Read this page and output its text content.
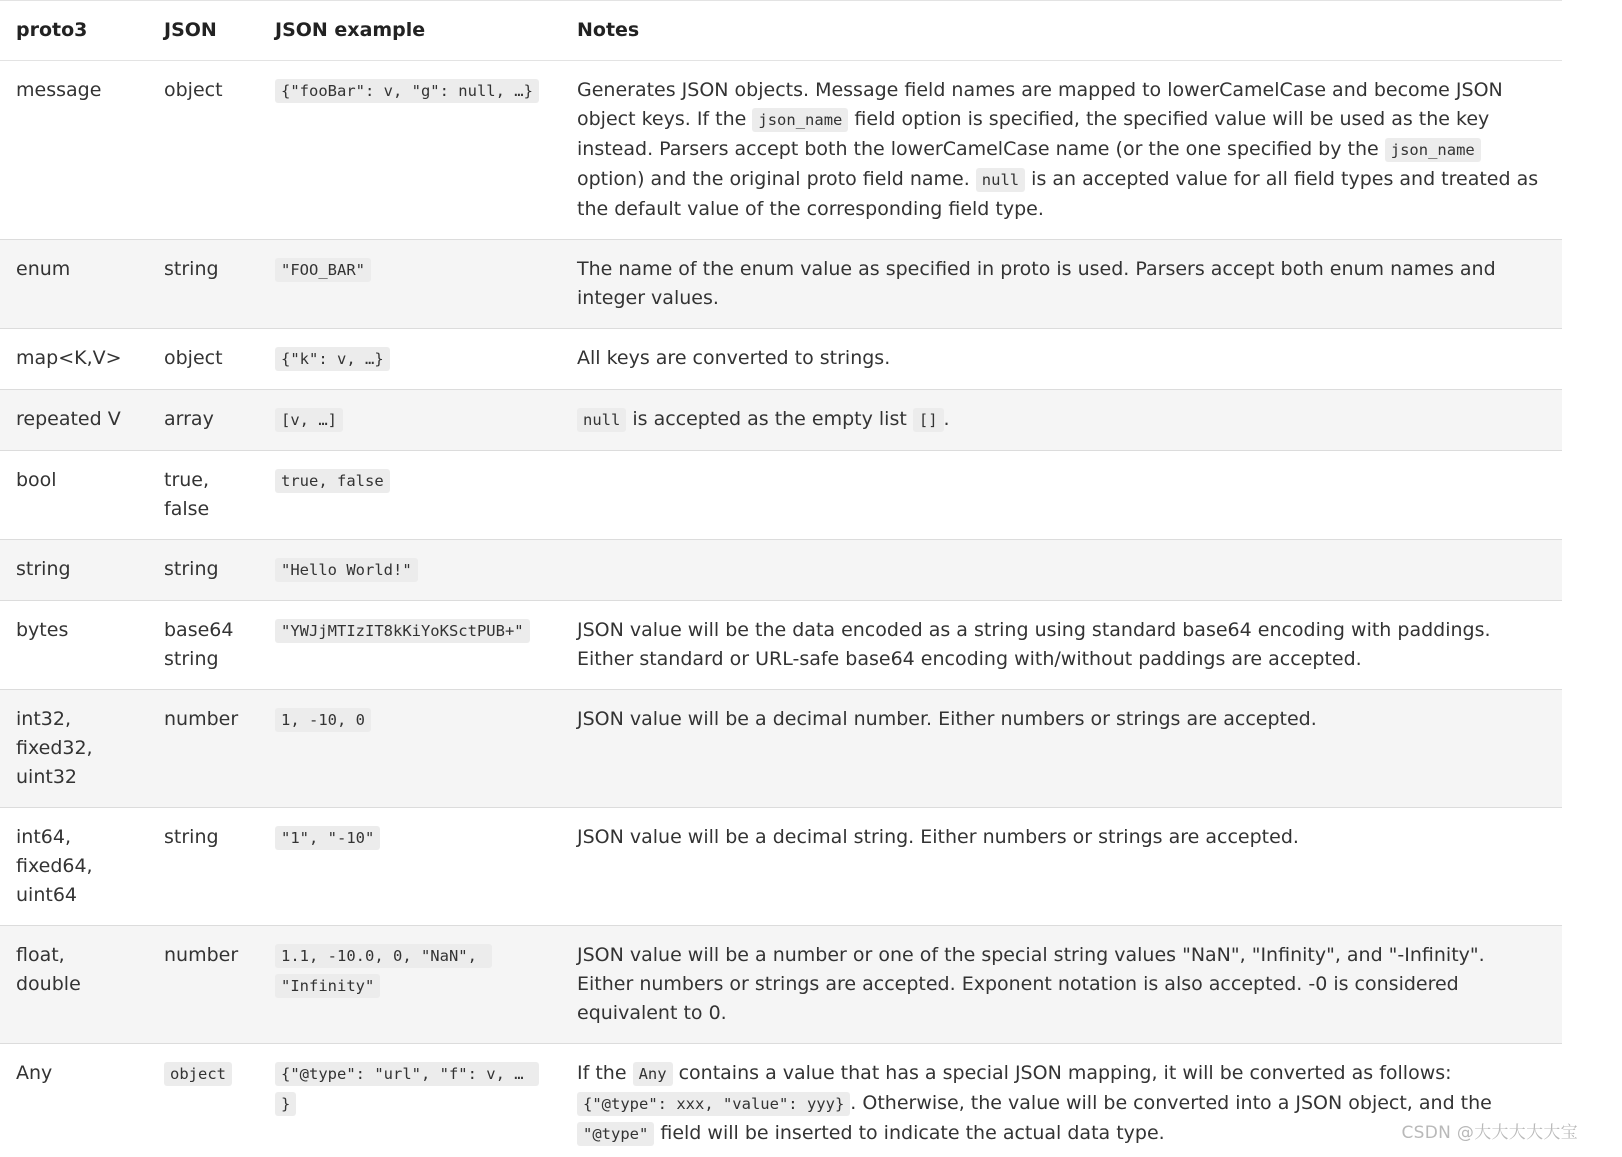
proto3	JSON	JSON example	Notes
message	object	{"fooBar": v, "g": null, …}	Generates JSON objects. Message field names are mapped to lowerCamelCase and become JSON object keys. If the json_name field option is specified, the specified value will be used as the key instead. Parsers accept both the lowerCamelCase name (or the one specified by the json_name option) and the original proto field name. null is an accepted value for all field types and treated as the default value of the corresponding field type.
enum	string	"FOO_BAR"	The name of the enum value as specified in proto is used. Parsers accept both enum names and integer values.
map<K,V>	object	{"k": v, …}	All keys are converted to strings.
repeated V	array	[v, …]	null is accepted as the empty list [] .
bool	true, false	true, false	
string	string	"Hello World!"	
bytes	base64 string	"YWJjMTIzIT8kKiYoKSctPUB+"	JSON value will be the data encoded as a string using standard base64 encoding with paddings. Either standard or URL-safe base64 encoding with/without paddings are accepted.
int32, fixed32, uint32	number	1, -10, 0	JSON value will be a decimal number. Either numbers or strings are accepted.
int64, fixed64, uint64	string	"1", "-10"	JSON value will be a decimal string. Either numbers or strings are accepted.
float, double	number	1.1, -10.0, 0, "NaN", "Infinity"	JSON value will be a number or one of the special string values "NaN", "Infinity", and "-Infinity". Either numbers or strings are accepted. Exponent notation is also accepted. -0 is considered equivalent to 0.
Any	object	{"@type": "url", "f": v, … }	If the Any contains a value that has a special JSON mapping, it will be converted as follows: {"@type": xxx, "value": yyy} . Otherwise, the value will be converted into a JSON object, and the "@type" field will be inserted to indicate the actual data type.	CSDN @大大大大大宝
